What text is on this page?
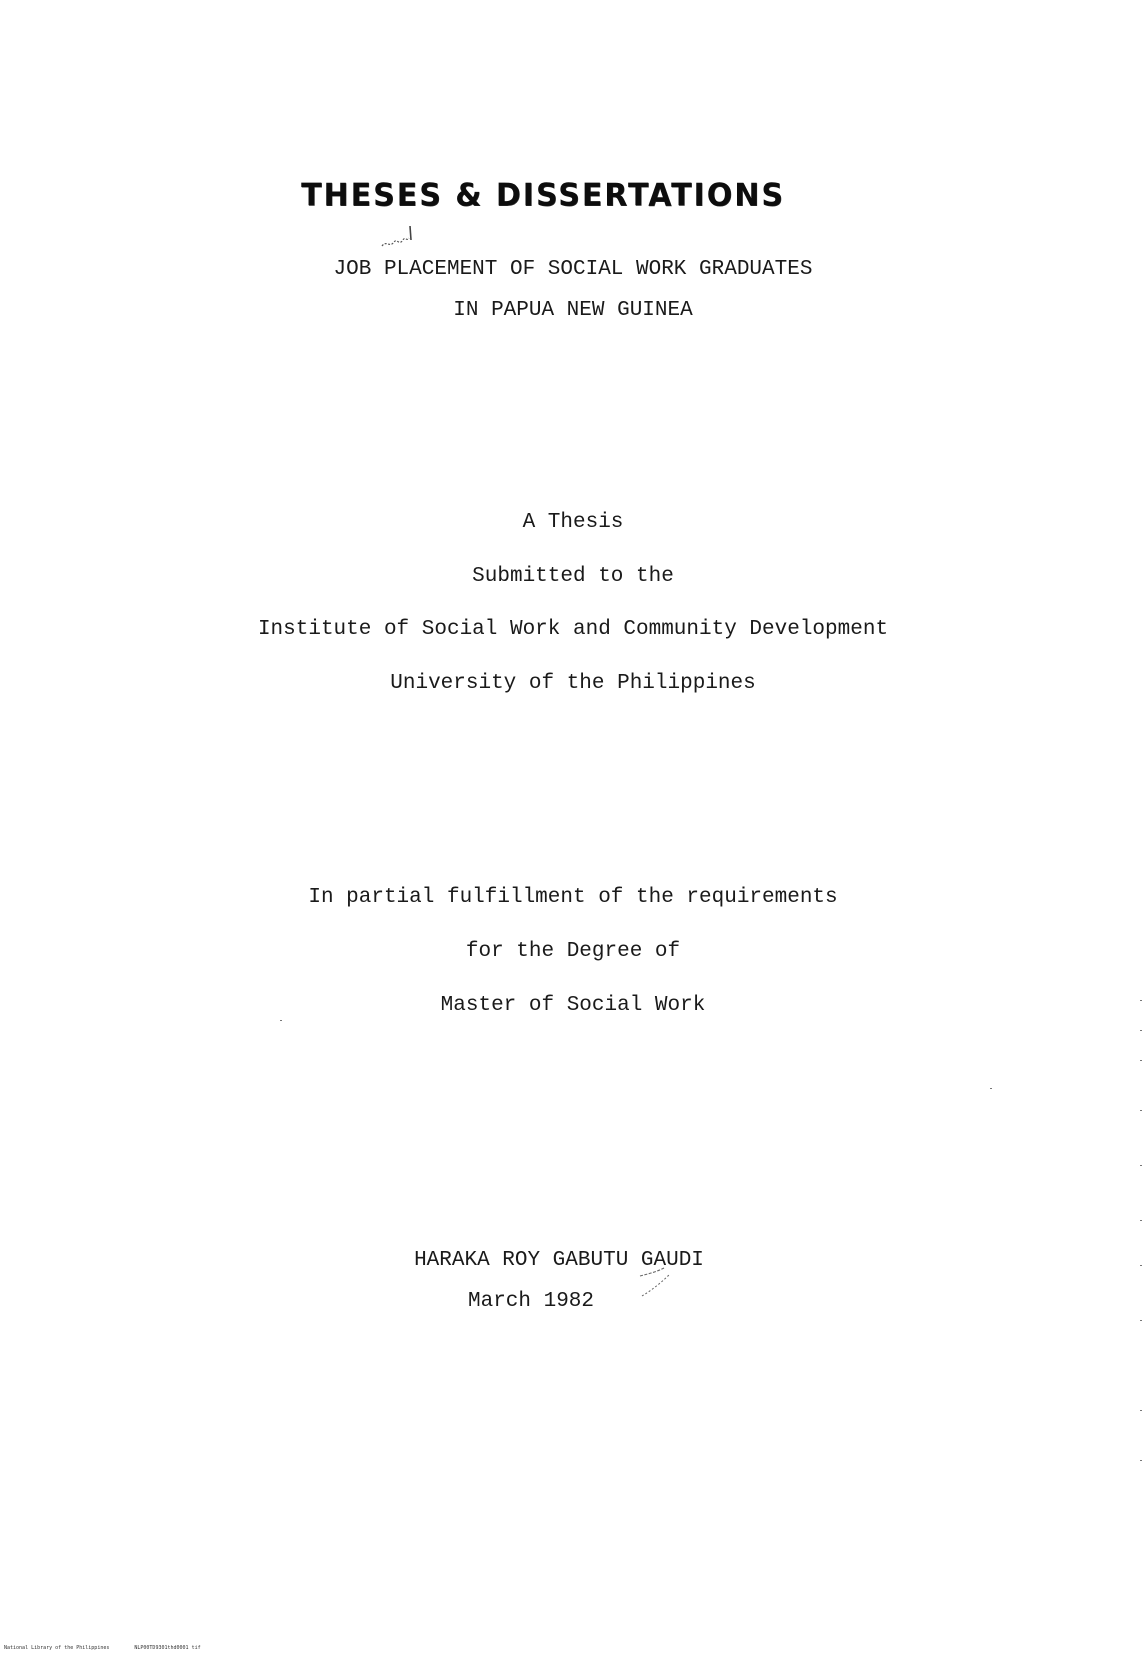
THESES & DISSERTATIONS
JOB PLACEMENT OF SOCIAL WORK GRADUATES
IN PAPUA NEW GUINEA
A Thesis
Submitted to the
Institute of Social Work and Community Development
University of the Philippines
In partial fulfillment of the requirements
for the Degree of
Master of Social Work
HARAKA ROY GABUTU GAUDI
March 1982
National Library of the Philippines	NLP00TD9301thd0001 tif
